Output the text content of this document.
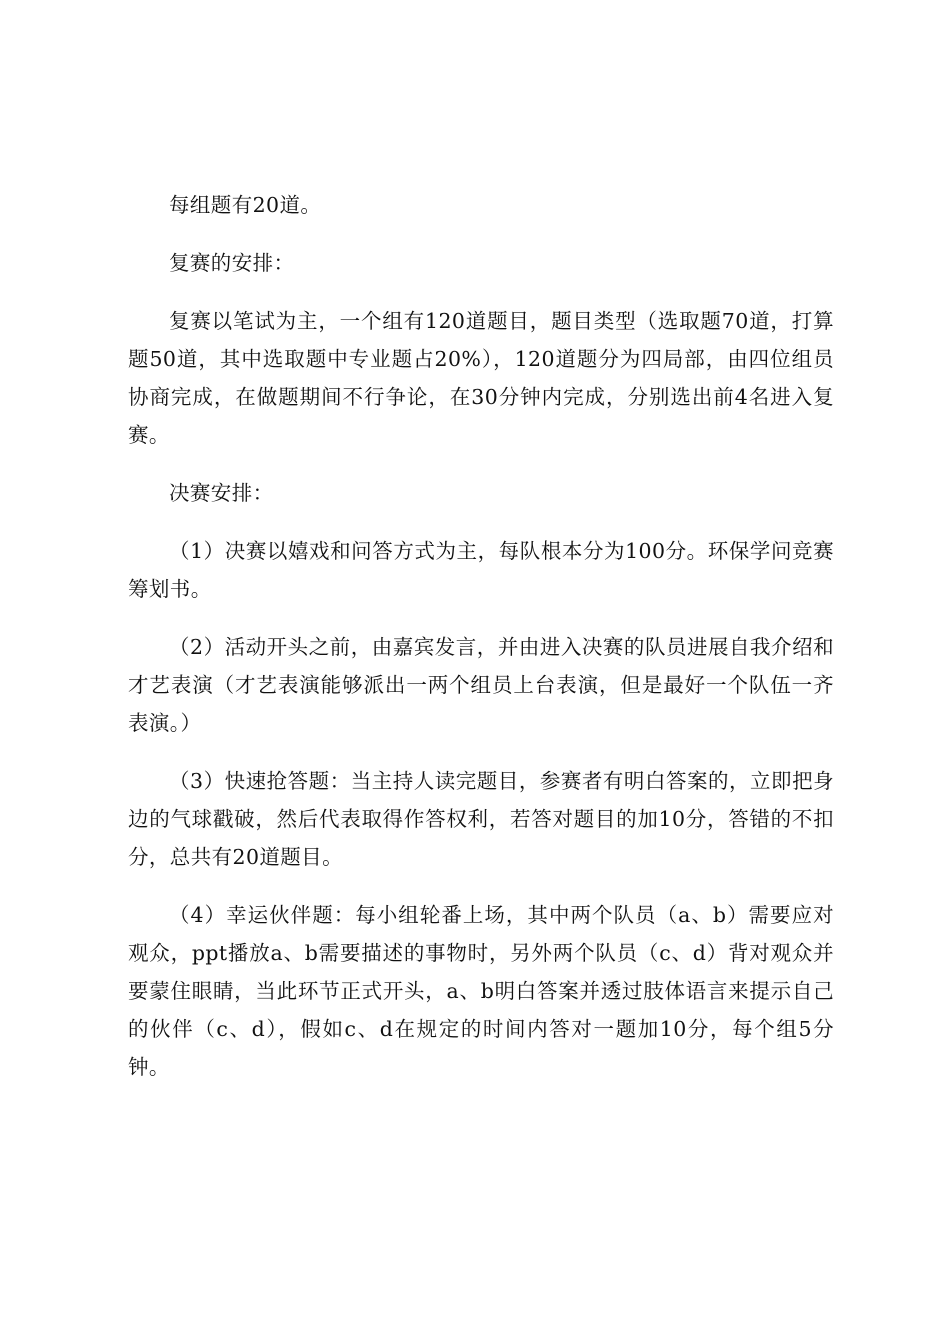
每组题有20道。

复赛的安排：

复赛以笔试为主，一个组有120道题目，题目类型（选取题70道，打算题50道，其中选取题中专业题占20%），120道题分为四局部，由四位组员协商完成，在做题期间不行争论，在30分钟内完成，分别选出前4名进入复赛。

决赛安排：

（1）决赛以嬉戏和问答方式为主，每队根本分为100分。环保学问竞赛筹划书。

（2）活动开头之前，由嘉宾发言，并由进入决赛的队员进展自我介绍和才艺表演（才艺表演能够派出一两个组员上台表演，但是最好一个队伍一齐表演。）

（3）快速抢答题：当主持人读完题目，参赛者有明白答案的，立即把身边的气球戳破，然后代表取得作答权利，若答对题目的加10分，答错的不扣分，总共有20道题目。

（4）幸运伙伴题：每小组轮番上场，其中两个队员（a、b）需要应对观众，ppt播放a、b需要描述的事物时，另外两个队员（c、d）背对观众并要蒙住眼睛，当此环节正式开头，a、b明白答案并透过肢体语言来提示自己的伙伴（c、d），假如c、d在规定的时间内答对一题加10分，每个组5分钟。
